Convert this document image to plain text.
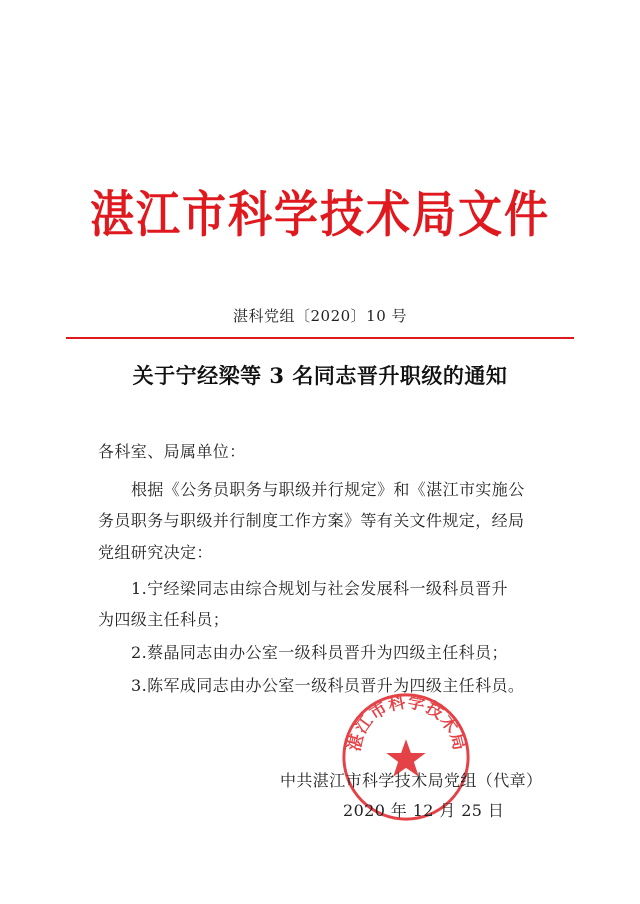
湛江市科学技术局文件
湛科党组〔2020〕10 号
关于宁经梁等 3 名同志晋升职级的通知
各科室、局属单位：
根据《公务员职务与职级并行规定》和《湛江市实施公
务员职务与职级并行制度工作方案》等有关文件规定，经局
党组研究决定：
1.宁经梁同志由综合规划与社会发展科一级科员晋升
为四级主任科员；
2.蔡晶同志由办公室一级科员晋升为四级主任科员；
3.陈军成同志由办公室一级科员晋升为四级主任科员。
湛江市科学技术局
中共湛江市科学技术局党组（代章）
2020 年 12 月 25 日
